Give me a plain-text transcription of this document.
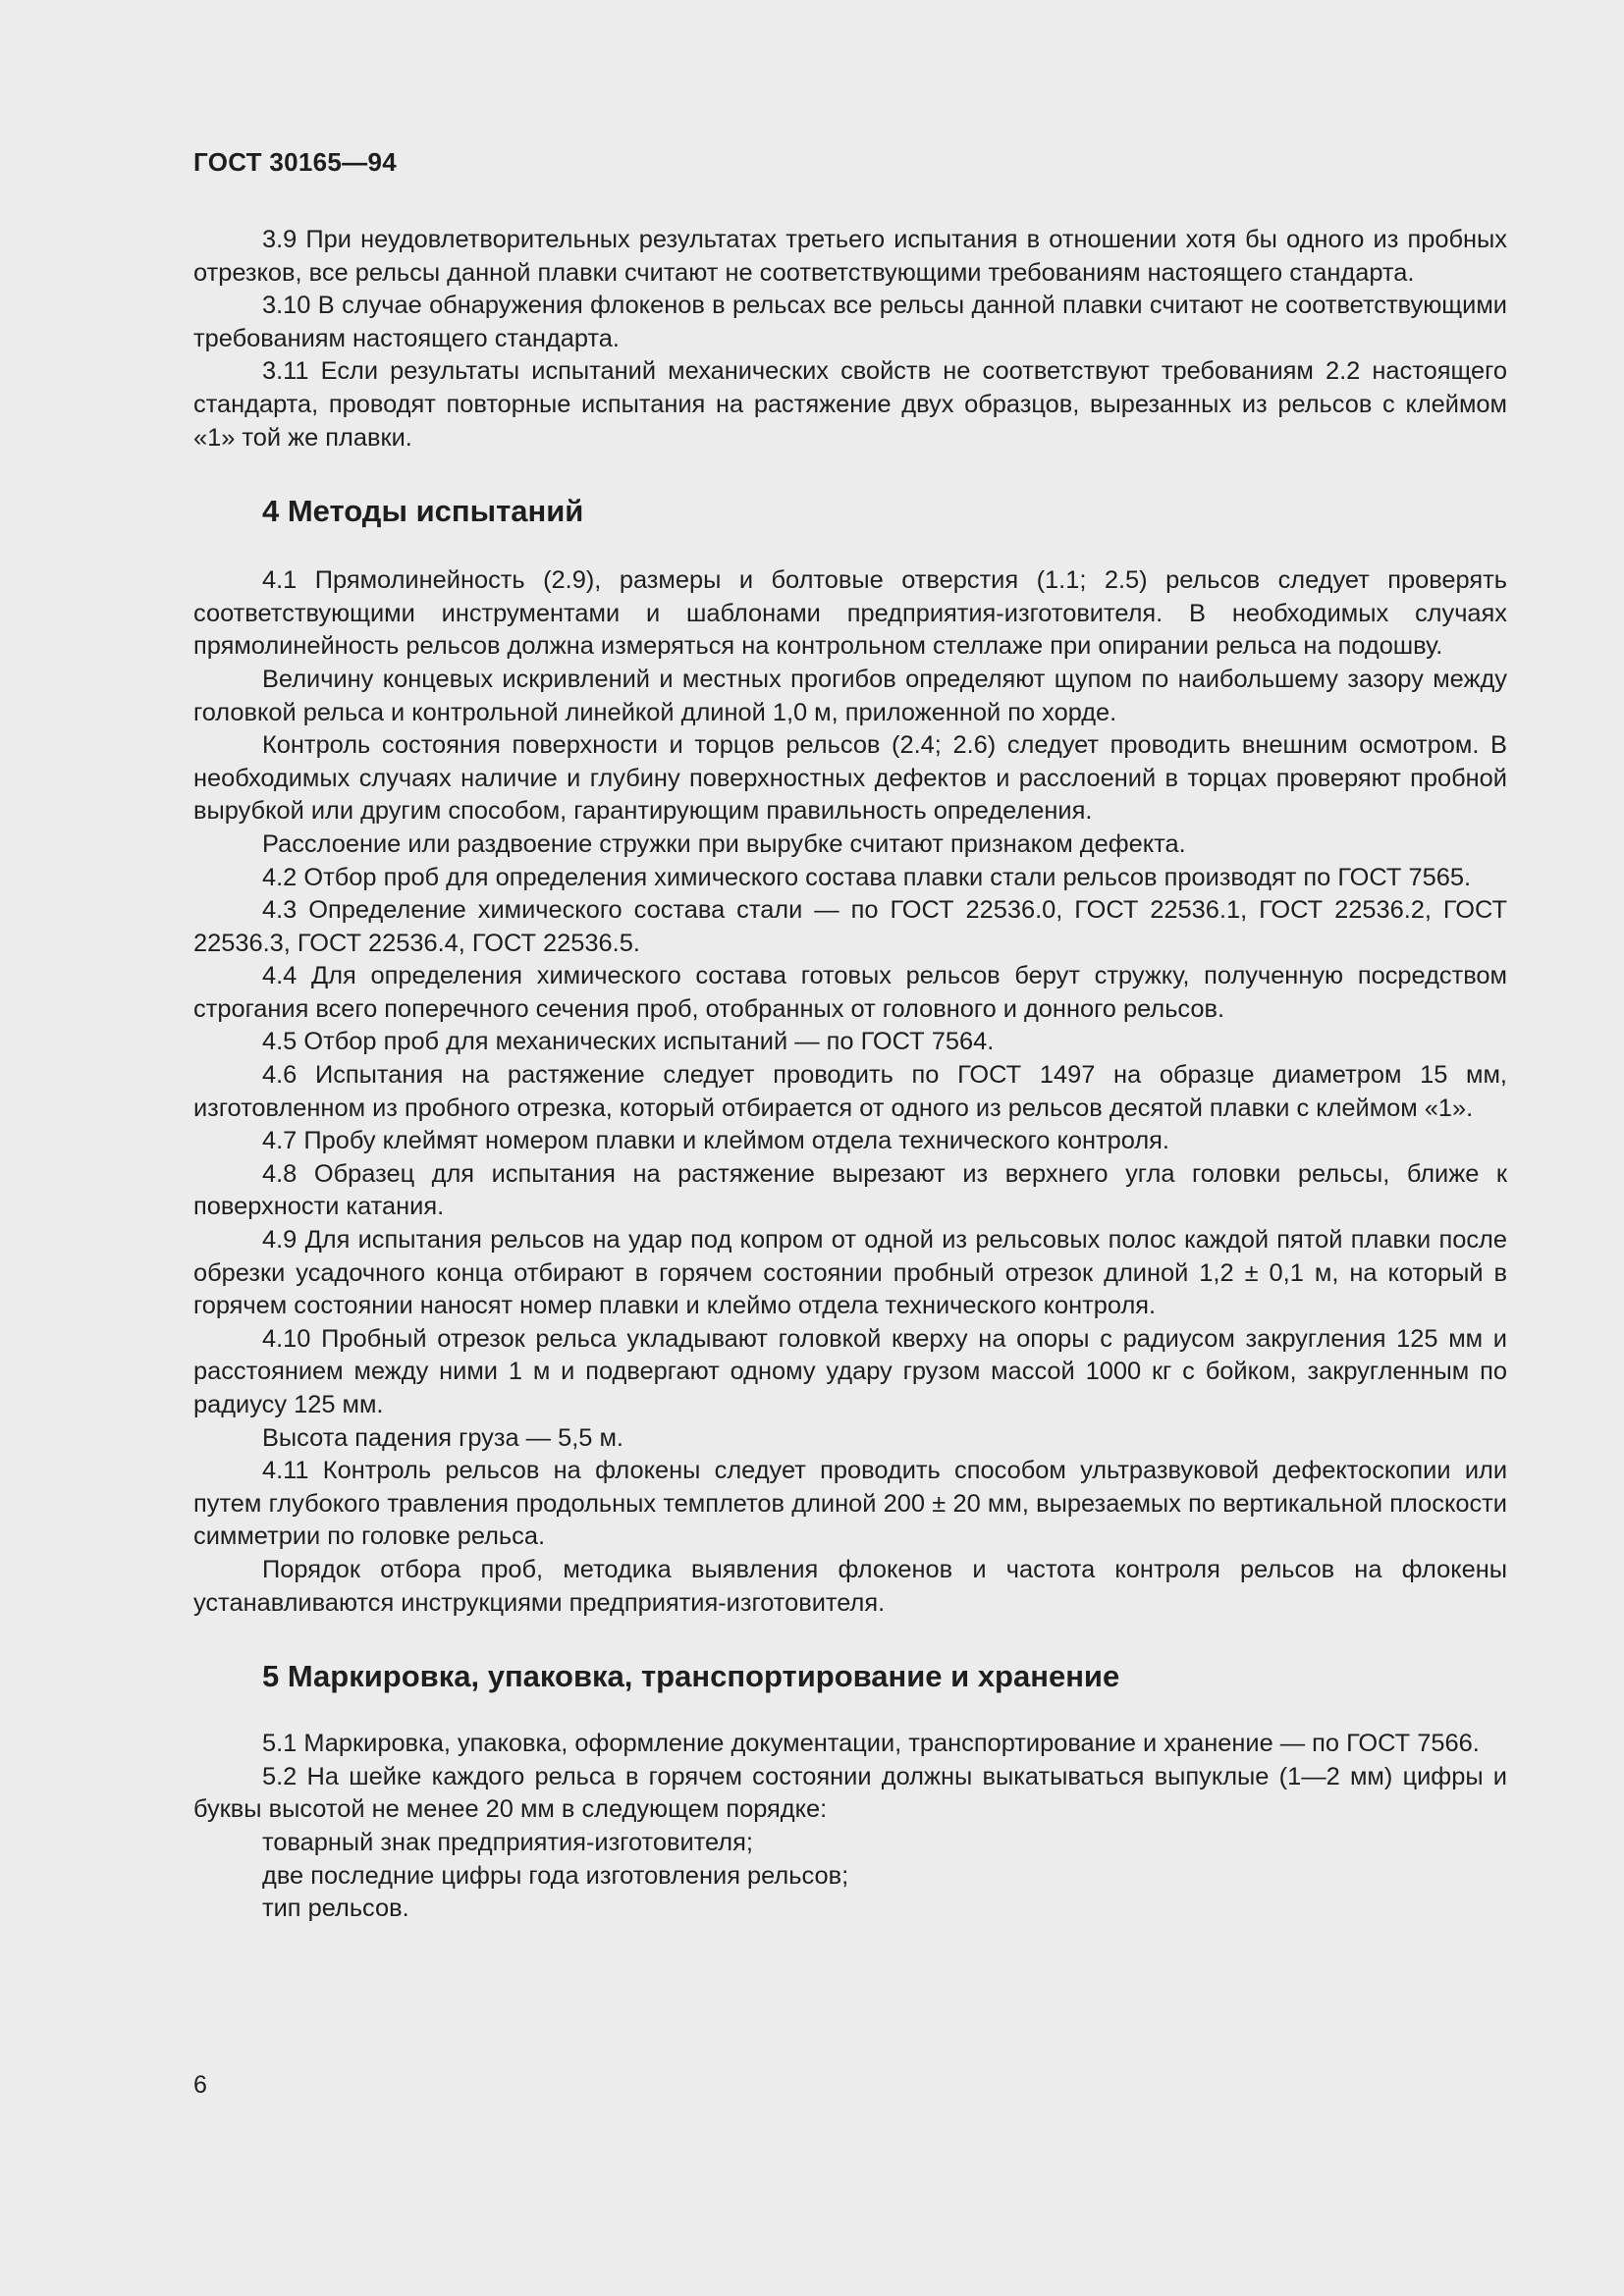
ГОСТ 30165—94

3.9 При неудовлетворительных результатах третьего испытания в отношении хотя бы одного из пробных отрезков, все рельсы данной плавки считают не соответствующими требованиям настоящего стандарта.

3.10 В случае обнаружения флокенов в рельсах все рельсы данной плавки считают не соответствующими требованиям настоящего стандарта.

3.11 Если результаты испытаний механических свойств не соответствуют требованиям 2.2 настоящего стандарта, проводят повторные испытания на растяжение двух образцов, вырезанных из рельсов с клеймом «1» той же плавки.

4 Методы испытаний

4.1 Прямолинейность (2.9), размеры и болтовые отверстия (1.1; 2.5) рельсов следует проверять соответствующими инструментами и шаблонами предприятия-изготовителя. В необходимых случаях прямолинейность рельсов должна измеряться на контрольном стеллаже при опирании рельса на подошву.

Величину концевых искривлений и местных прогибов определяют щупом по наибольшему зазору между головкой рельса и контрольной линейкой длиной 1,0 м, приложенной по хорде.

Контроль состояния поверхности и торцов рельсов (2.4; 2.6) следует проводить внешним осмотром. В необходимых случаях наличие и глубину поверхностных дефектов и расслоений в торцах проверяют пробной вырубкой или другим способом, гарантирующим правильность определения.

Расслоение или раздвоение стружки при вырубке считают признаком дефекта.

4.2 Отбор проб для определения химического состава плавки стали рельсов производят по ГОСТ 7565.

4.3 Определение химического состава стали — по ГОСТ 22536.0, ГОСТ 22536.1, ГОСТ 22536.2, ГОСТ 22536.3, ГОСТ 22536.4, ГОСТ 22536.5.

4.4 Для определения химического состава готовых рельсов берут стружку, полученную посредством строгания всего поперечного сечения проб, отобранных от головного и донного рельсов.

4.5 Отбор проб для механических испытаний — по ГОСТ 7564.

4.6 Испытания на растяжение следует проводить по ГОСТ 1497 на образце диаметром 15 мм, изготовленном из пробного отрезка, который отбирается от одного из рельсов десятой плавки с клеймом «1».

4.7 Пробу клеймят номером плавки и клеймом отдела технического контроля.

4.8 Образец для испытания на растяжение вырезают из верхнего угла головки рельсы, ближе к поверхности катания.

4.9 Для испытания рельсов на удар под копром от одной из рельсовых полос каждой пятой плавки после обрезки усадочного конца отбирают в горячем состоянии пробный отрезок длиной 1,2 ± 0,1 м, на который в горячем состоянии наносят номер плавки и клеймо отдела технического контроля.

4.10 Пробный отрезок рельса укладывают головкой кверху на опоры с радиусом закругления 125 мм и расстоянием между ними 1 м и подвергают одному удару грузом массой 1000 кг с бойком, закругленным по радиусу 125 мм.

Высота падения груза — 5,5 м.

4.11 Контроль рельсов на флокены следует проводить способом ультразвуковой дефектоскопии или путем глубокого травления продольных темплетов длиной 200 ± 20 мм, вырезаемых по вертикальной плоскости симметрии по головке рельса.

Порядок отбора проб, методика выявления флокенов и частота контроля рельсов на флокены устанавливаются инструкциями предприятия-изготовителя.

5 Маркировка, упаковка, транспортирование и хранение

5.1 Маркировка, упаковка, оформление документации, транспортирование и хранение — по ГОСТ 7566.

5.2 На шейке каждого рельса в горячем состоянии должны выкатываться выпуклые (1—2 мм) цифры и буквы высотой не менее 20 мм в следующем порядке:

товарный знак предприятия-изготовителя;

две последние цифры года изготовления рельсов;

тип рельсов.

6
